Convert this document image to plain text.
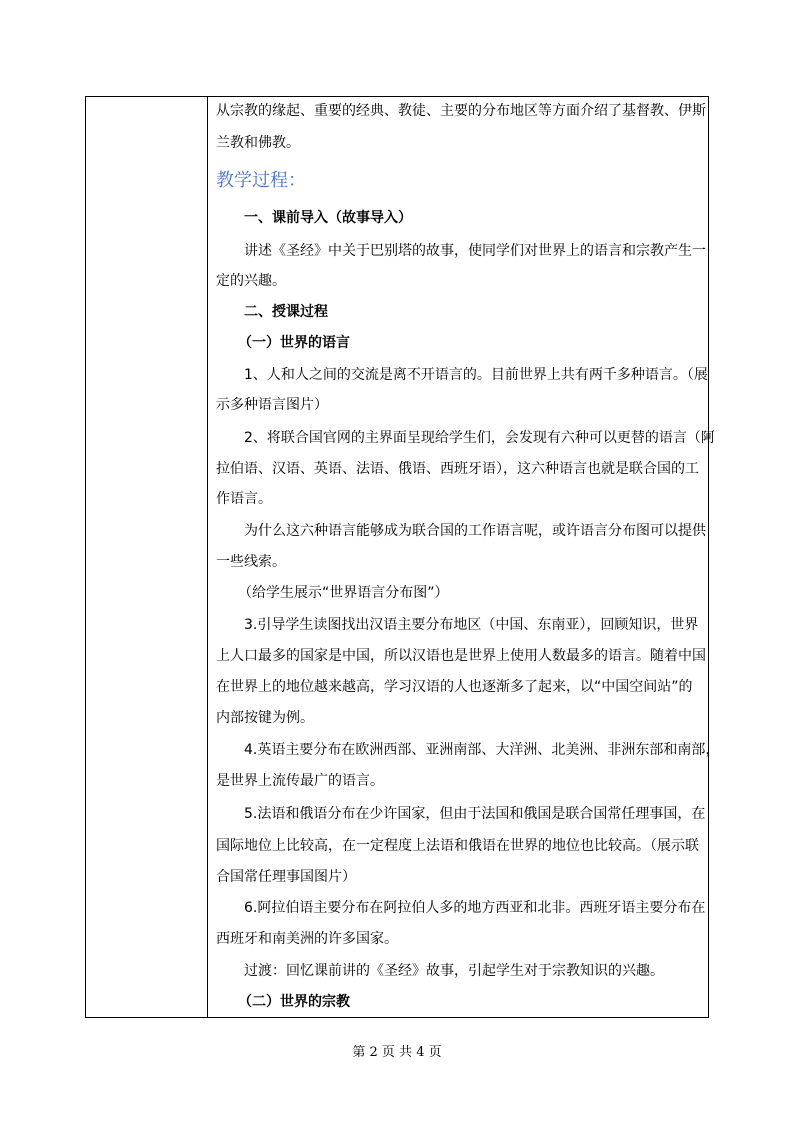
从宗教的缘起、重要的经典、教徒、主要的分布地区等方面介绍了基督教、伊斯
兰教和佛教。
教学过程：
一、课前导入（故事导入）
讲述《圣经》中关于巴别塔的故事，使同学们对世界上的语言和宗教产生一
定的兴趣。
二、授课过程
（一）世界的语言
1、人和人之间的交流是离不开语言的。目前世界上共有两千多种语言。（展
示多种语言图片）
2、将联合国官网的主界面呈现给学生们，会发现有六种可以更替的语言（阿
拉伯语、汉语、英语、法语、俄语、西班牙语），这六种语言也就是联合国的工
作语言。
为什么这六种语言能够成为联合国的工作语言呢，或许语言分布图可以提供
一些线索。
（给学生展示“世界语言分布图”）
3.引导学生读图找出汉语主要分布地区（中国、东南亚），回顾知识，世界
上人口最多的国家是中国，所以汉语也是世界上使用人数最多的语言。随着中国
在世界上的地位越来越高，学习汉语的人也逐渐多了起来，以“中国空间站”的
内部按键为例。
4.英语主要分布在欧洲西部、亚洲南部、大洋洲、北美洲、非洲东部和南部，
是世界上流传最广的语言。
5.法语和俄语分布在少许国家，但由于法国和俄国是联合国常任理事国，在
国际地位上比较高，在一定程度上法语和俄语在世界的地位也比较高。（展示联
合国常任理事国图片）
6.阿拉伯语主要分布在阿拉伯人多的地方西亚和北非。西班牙语主要分布在
西班牙和南美洲的许多国家。
过渡：回忆课前讲的《圣经》故事，引起学生对于宗教知识的兴趣。
（二）世界的宗教
第 2 页 共 4 页
